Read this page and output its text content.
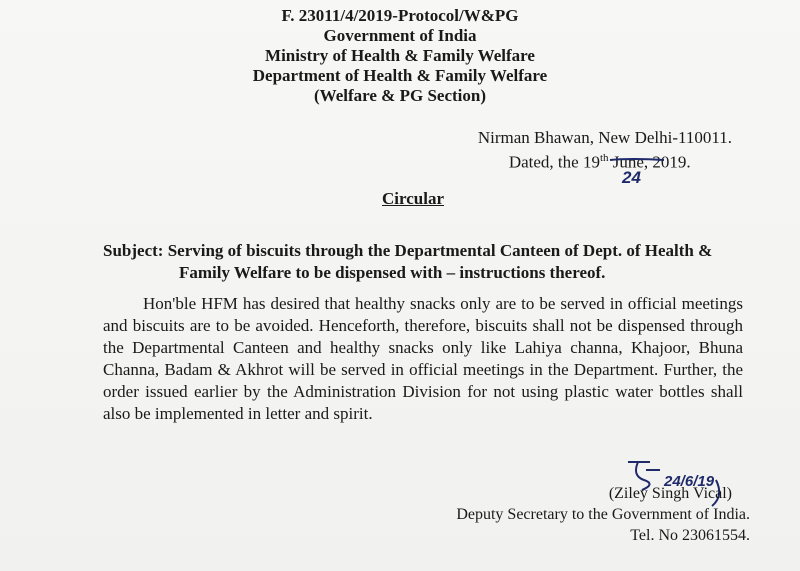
F. 23011/4/2019-Protocol/W&PG
Government of India
Ministry of Health & Family Welfare
Department of Health & Family Welfare
(Welfare & PG Section)
Nirman Bhawan, New Delhi-110011.
Dated, the 19th June, 2019.
24
Circular
Subject: Serving of biscuits through the Departmental Canteen of Dept. of Health &
Family Welfare to be dispensed with – instructions thereof.
Hon'ble HFM has desired that healthy snacks only are to be served in official meetings and biscuits are to be avoided. Henceforth, therefore, biscuits shall not be dispensed through the Departmental Canteen and healthy snacks only like Lahiya channa, Khajoor, Bhuna Channa, Badam & Akhrot will be served in official meetings in the Department. Further, the order issued earlier by the Administration Division for not using plastic water bottles shall also be implemented in letter and spirit.
24/6/19
(Ziley Singh Vical)
Deputy Secretary to the Government of India.
Tel. No 23061554.
